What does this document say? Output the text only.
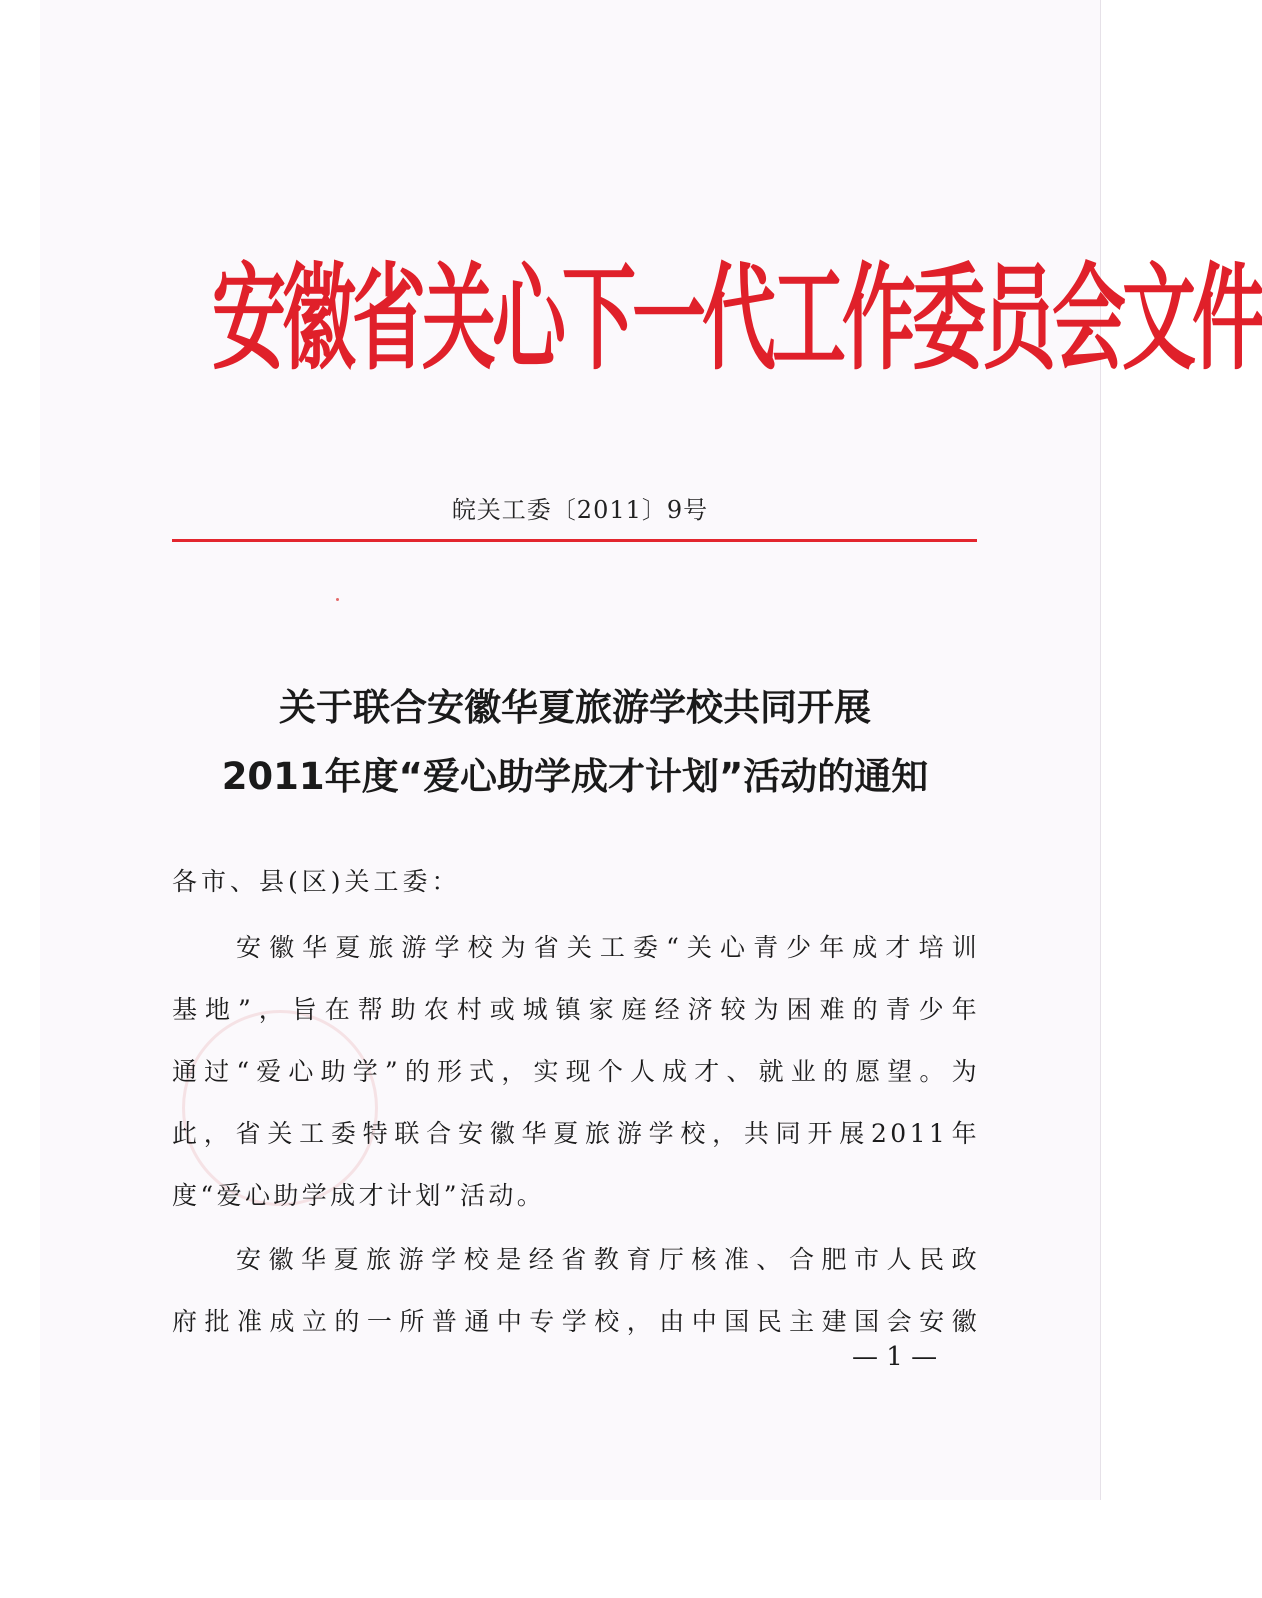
安徽省关心下一代工作委员会文件
皖关工委〔2011〕9号
关于联合安徽华夏旅游学校共同开展
2011年度“爱心助学成才计划”活动的通知
各市、县(区)关工委：
安徽华夏旅游学校为省关工委“关心青少年成才培训
基地”，旨在帮助农村或城镇家庭经济较为困难的青少年
通过“爱心助学”的形式，实现个人成才、就业的愿望。为
此，省关工委特联合安徽华夏旅游学校，共同开展2011年
度“爱心助学成才计划”活动。
安徽华夏旅游学校是经省教育厅核准、合肥市人民政
府批准成立的一所普通中专学校，由中国民主建国会安徽
— 1 —
